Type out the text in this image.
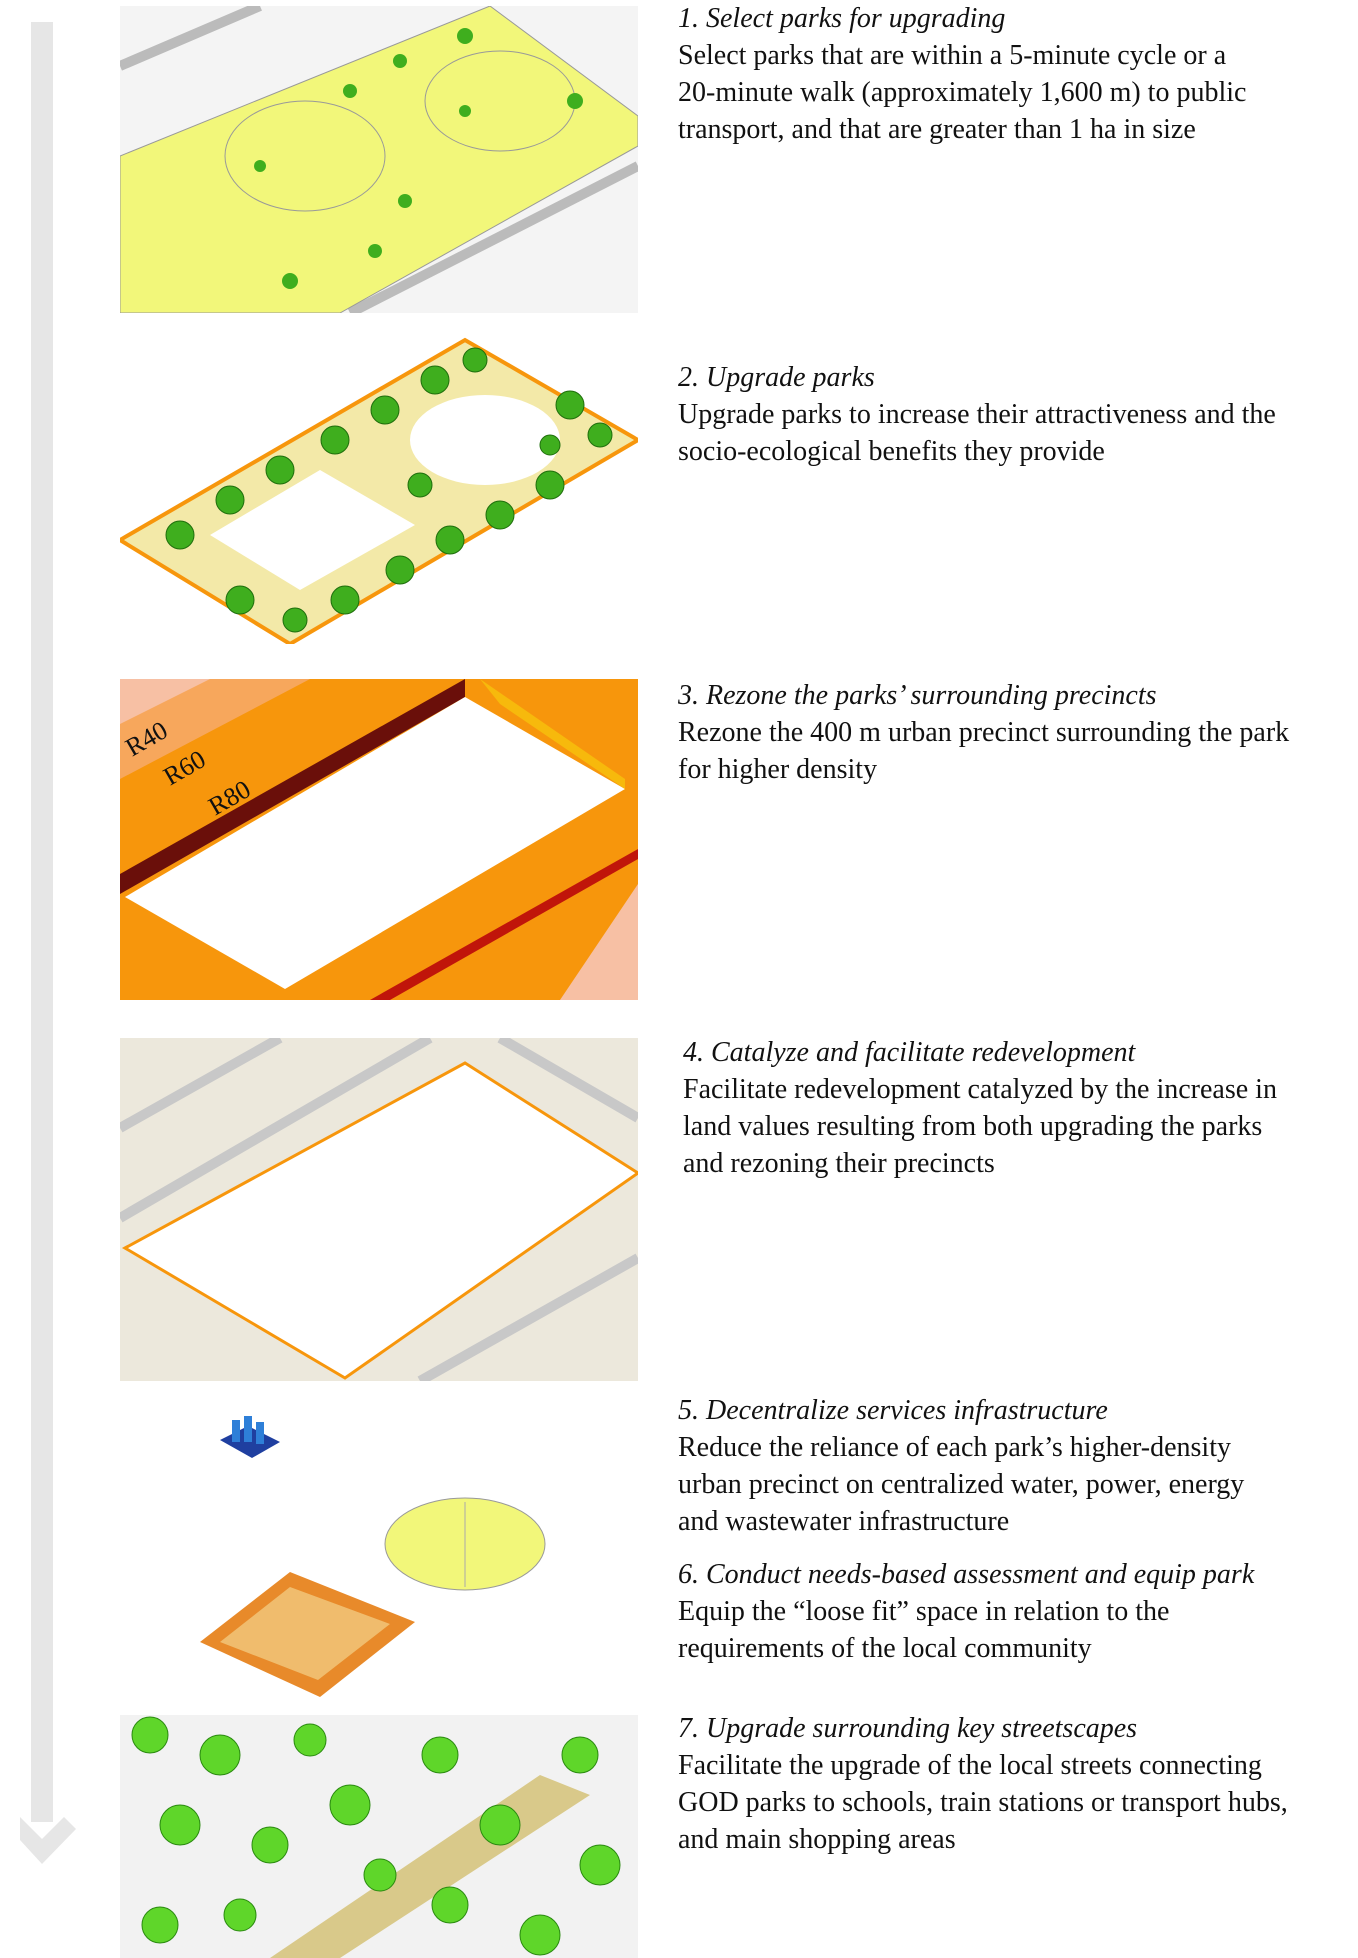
1. Select parks for upgrading
Select parks that are within a 5-minute cycle or a
20-minute walk (approximately 1,600 m) to public
transport, and that are greater than 1 ha in size
2. Upgrade parks
Upgrade parks to increase their attractiveness and the
socio-ecological benefits they provide
R40
R60
R80
3. Rezone the parks’ surrounding precincts
Rezone the 400 m urban precinct surrounding the park
for higher density
4. Catalyze and facilitate redevelopment
Facilitate redevelopment catalyzed by the increase in
land values resulting from both upgrading the parks
and rezoning their precincts
5. Decentralize services infrastructure
Reduce the reliance of each park’s higher-density
urban precinct on centralized water, power, energy
and wastewater infrastructure
6. Conduct needs-based assessment and equip park
Equip the “loose fit” space in relation to the
requirements of the local community
7. Upgrade surrounding key streetscapes
Facilitate the upgrade of the local streets connecting
GOD parks to schools, train stations or transport hubs,
and main shopping areas
